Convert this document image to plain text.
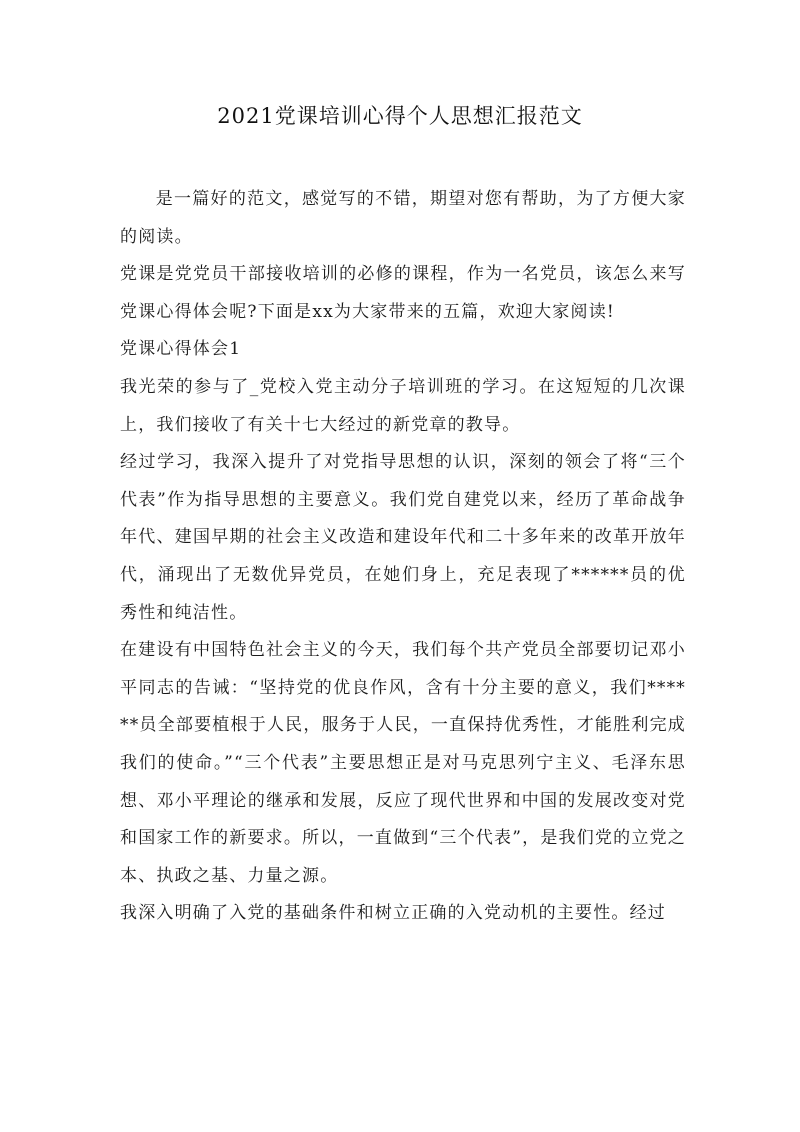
2021党课培训心得个人思想汇报范文

是一篇好的范文，感觉写的不错，期望对您有帮助，为了方便大家的阅读。

党课是党党员干部接收培训的必修的课程，作为一名党员，该怎么来写党课心得体会呢?下面是xx为大家带来的五篇，欢迎大家阅读!

党课心得体会1

我光荣的参与了_党校入党主动分子培训班的学习。在这短短的几次课上，我们接收了有关十七大经过的新党章的教导。

经过学习，我深入提升了对党指导思想的认识，深刻的领会了将“三个代表”作为指导思想的主要意义。我们党自建党以来，经历了革命战争年代、建国早期的社会主义改造和建设年代和二十多年来的改革开放年代，涌现出了无数优异党员，在她们身上，充足表现了******员的优秀性和纯洁性。

在建设有中国特色社会主义的今天，我们每个共产党员全部要切记邓小平同志的告诫：“坚持党的优良作风，含有十分主要的意义，我们******员全部要植根于人民，服务于人民，一直保持优秀性，才能胜利完成我们的使命。”“三个代表”主要思想正是对马克思列宁主义、毛泽东思想、邓小平理论的继承和发展，反应了现代世界和中国的发展改变对党和国家工作的新要求。所以，一直做到“三个代表”，是我们党的立党之本、执政之基、力量之源。

我深入明确了入党的基础条件和树立正确的入党动机的主要性。经过
